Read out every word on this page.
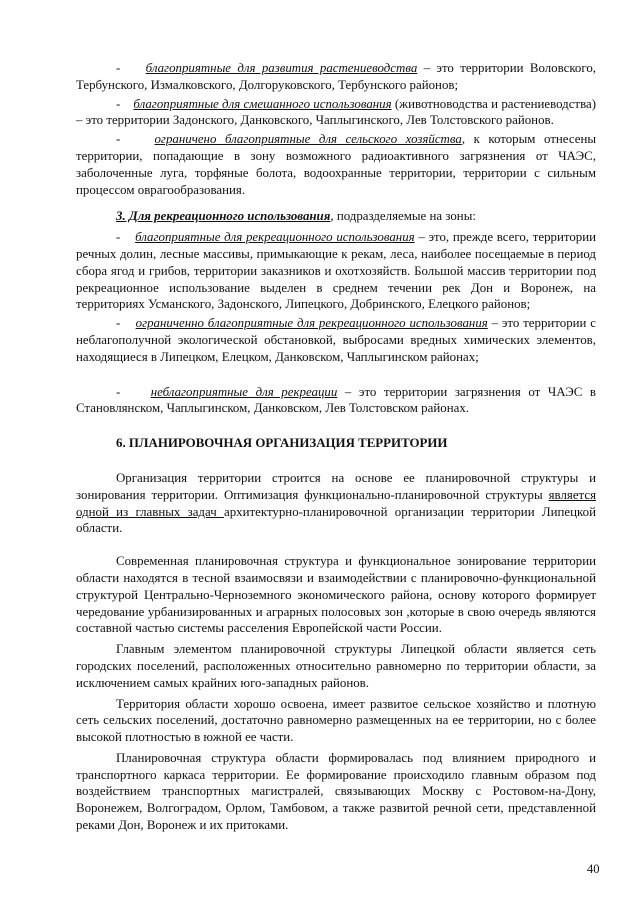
- благоприятные для развития растениеводства – это территории Воловского, Тербунского, Измалковского, Долгоруковского, Тербунского районов;

- благоприятные для смешанного использования (животноводства и растениеводства) – это территории Задонского, Данковского, Чаплыгинского, Лев Толстовского районов.

-	ограничено благоприятные для сельского хозяйства, к которым отнесены территории, попадающие в зону возможного радиоактивного загрязнения от ЧАЭС, заболоченные луга, торфяные болота, водоохранные территории, территории с сильным процессом оврагообразования.

3. Для рекреационного использования, подразделяемые на зоны:

- благоприятные для рекреационного использования – это, прежде всего, территории речных долин, лесные массивы, примыкающие к рекам, леса, наиболее посещаемые в период сбора ягод и грибов, территории заказников и охотхозяйств. Большой массив территории под рекреационное использование выделен в среднем течении рек Дон и Воронеж, на территориях Усманского, Задонского, Липецкого, Добринского, Елецкого районов;

- ограниченно благоприятные для рекреационного использования – это территории с неблагополучной экологической обстановкой, выбросами вредных химических элементов, находящиеся в Липецком, Елецком, Данковском, Чаплыгинском районах;

- неблагоприятные для рекреации – это территории загрязнения от ЧАЭС в Становлянском, Чаплыгинском, Данковском, Лев Толстовском районах.

6. ПЛАНИРОВОЧНАЯ ОРГАНИЗАЦИЯ ТЕРРИТОРИИ

Организация территории строится на основе ее планировочной структуры и зонирования территории. Оптимизация функционально-планировочной структуры является одной из главных задач архитектурно-планировочной организации территории Липецкой области.

Современная планировочная структура и функциональное зонирование территории области находятся в тесной взаимосвязи и взаимодействии с планировочно-функциональной структурой Центрально-Черноземного экономического района, основу которого формирует чередование урбанизированных и аграрных полосовых зон ,которые в свою очередь являются составной частью системы расселения Европейской части России.

Главным элементом планировочной структуры Липецкой области является сеть городских поселений, расположенных относительно равномерно по территории области, за исключением самых крайних юго-западных районов.

Территория области хорошо освоена, имеет развитое сельское хозяйство и плотную сеть сельских поселений, достаточно равномерно размещенных на ее территории, но с более высокой плотностью в южной ее части.

Планировочная структура области формировалась под влиянием природного и транспортного каркаса территории. Ее формирование происходило главным образом под воздействием транспортных магистралей, связывающих Москву с Ростовом-на-Дону, Воронежем, Волгоградом, Орлом, Тамбовом, а также развитой речной сети, представленной реками Дон, Воронеж и их притоками.

40
